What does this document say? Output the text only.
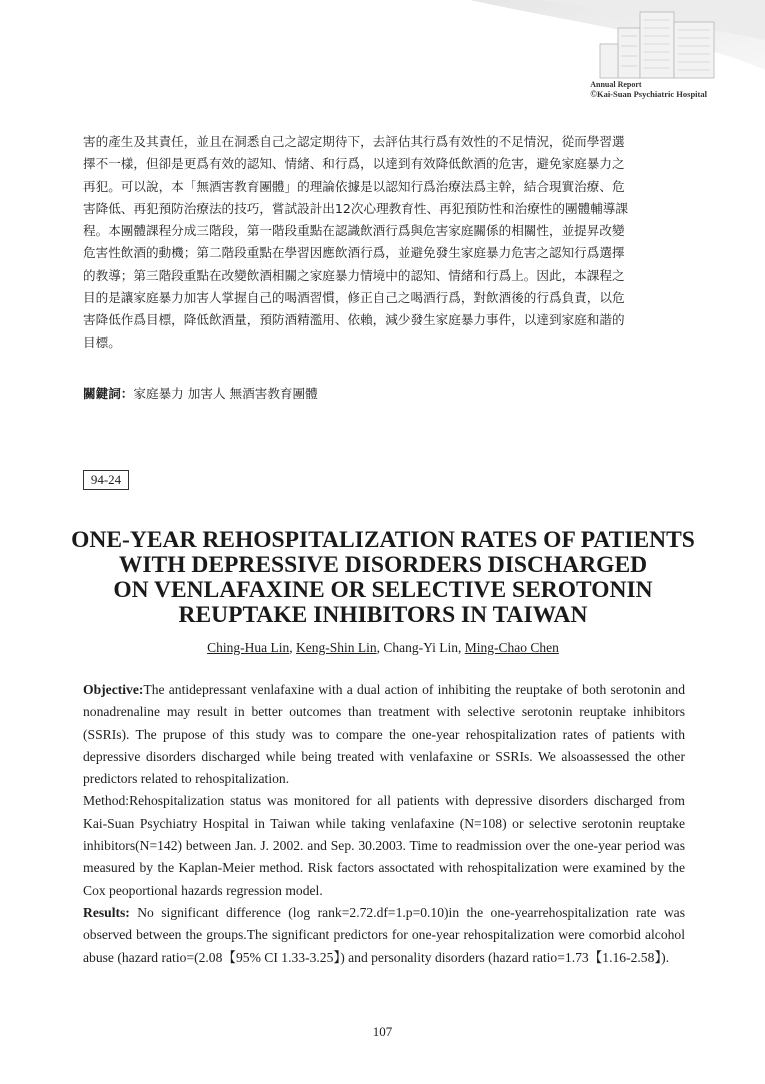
Annual Report
©Kai-Suan Psychiatric Hospital

害的產生及其責任，並且在洞悉自己之認定期待下，去評估其行爲有效性的不足情況，從而學習選

擇不一樣，但卻是更爲有效的認知、情緒、和行爲，以達到有效降低飲酒的危害，避免家庭暴力之

再犯。可以說，本「無酒害教育團體」的理論依據是以認知行爲治療法爲主幹，結合現實治療、危

害降低、再犯預防治療法的技巧，嘗試設計出12次心理教育性、再犯預防性和治療性的團體輔導課

程。本團體課程分成三階段，第一階段重點在認識飲酒行爲與危害家庭關係的相關性，並提昇改變

危害性飲酒的動機；第二階段重點在學習因應飲酒行爲，並避免發生家庭暴力危害之認知行爲選擇

的教導；第三階段重點在改變飲酒相關之家庭暴力情境中的認知、情緒和行爲上。因此，本課程之

目的是讓家庭暴力加害人掌握自己的喝酒習慣，修正自己之喝酒行爲，對飲酒後的行爲負責，以危

害降低作爲目標，降低飲酒量，預防酒精濫用、依賴，減少發生家庭暴力事件，以達到家庭和諧的

目標。

關鍵詞：家庭暴力 加害人 無酒害教育團體
94-24
ONE-YEAR REHOSPITALIZATION RATES OF PATIENTS
WITH DEPRESSIVE DISORDERS DISCHARGED
ON VENLAFAXINE OR SELECTIVE SEROTONIN
REUPTAKE INHIBITORS IN TAIWAN
Ching-Hua Lin, Keng-Shin Lin, Chang-Yi Lin, Ming-Chao Chen

Objective:The antidepressant venlafaxine with a dual action of inhibiting the reuptake of both serotonin and nonadrenaline may result in better outcomes than treatment with selective serotonin reuptake inhibitors (SSRIs). The prupose of this study was to compare the one-year rehospitalization rates of patients with depressive disorders discharged while being treated with venlafaxine or SSRIs. We alsoassessed the other predictors related to rehospitalization.

Method:Rehospitalization status was monitored for all patients with depressive disorders discharged from Kai-Suan Psychiatry Hospital in Taiwan while taking venlafaxine (N=108) or selective serotonin reuptake inhibitors(N=142) between Jan. J. 2002. and Sep. 30.2003. Time to readmission over the one-year period was measured by the Kaplan-Meier method. Risk factors assoctated with rehospitalization were examined by the Cox peoportional hazards regression model.

Results: No significant difference (log rank=2.72.df=1.p=0.10)in the one-yearrehospitalization rate was observed between the groups.The significant predictors for one-year rehospitalization were comorbid alcohol abuse (hazard ratio=(2.08【95% CI 1.33-3.25】) and personality disorders (hazard ratio=1.73【1.16-2.58】).

107
